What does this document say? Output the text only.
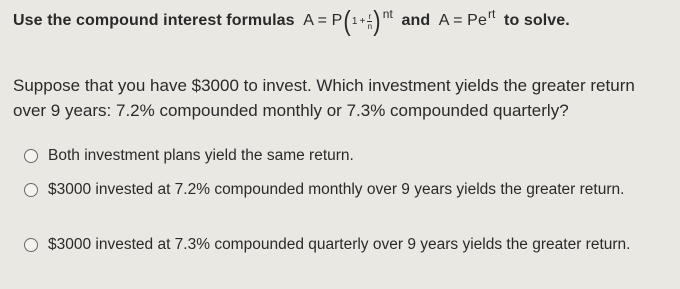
Use the compound interest formulas A = P ( $1 + \frac{r}{n}$ ) nt and A = Pe rt to solve.
Suppose that you have $3000 to invest. Which investment yields the greater return
over 9 years: 7.2% compounded monthly or 7.3% compounded quarterly?
Both investment plans yield the same return.
$3000 invested at 7.2% compounded monthly over 9 years yields the greater return.
$3000 invested at 7.3% compounded quarterly over 9 years yields the greater return.
